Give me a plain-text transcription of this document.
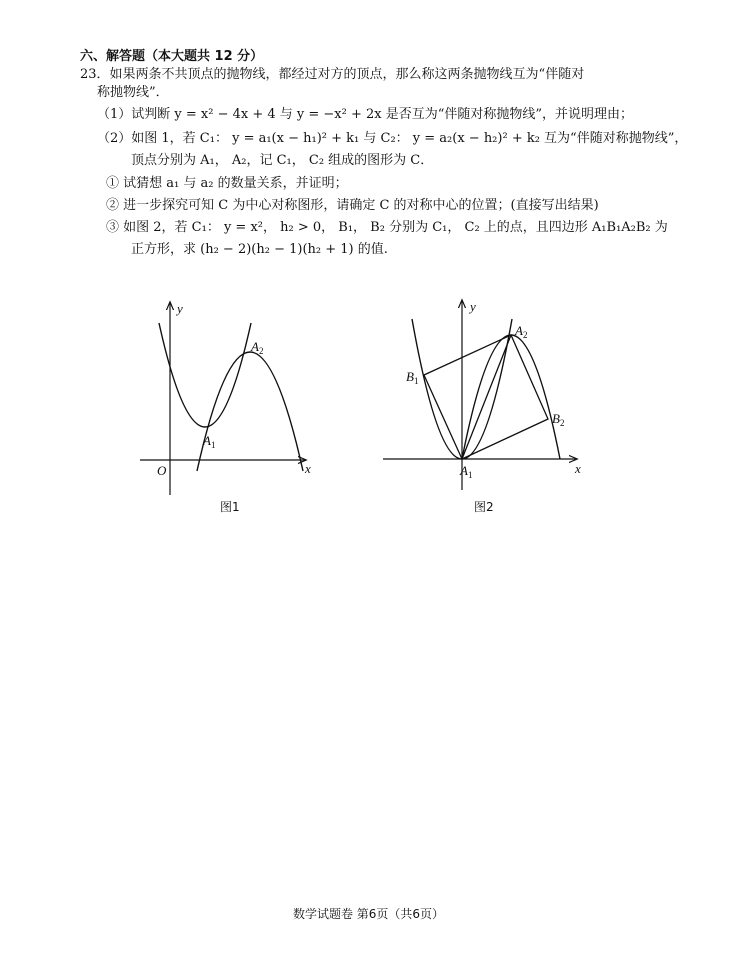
六、解答题（本大题共 12 分）
23．如果两条不共顶点的抛物线，都经过对方的顶点，那么称这两条抛物线互为“伴随对
称抛物线”．
（1）试判断 y = x² − 4x + 4 与 y = −x² + 2x 是否互为“伴随对称抛物线”，并说明理由；
（2）如图 1，若 C₁： y = a₁(x − h₁)² + k₁ 与 C₂： y = a₂(x − h₂)² + k₂ 互为“伴随对称抛物线”，
顶点分别为 A₁， A₂，记 C₁， C₂ 组成的图形为 C．
① 试猜想 a₁ 与 a₂ 的数量关系，并证明；
② 进一步探究可知 C 为中心对称图形，请确定 C 的对称中心的位置；(直接写出结果)
③ 如图 2，若 C₁： y = x²， h₂ > 0， B₁， B₂ 分别为 C₁， C₂ 上的点，且四边形 A₁B₁A₂B₂ 为
正方形，求 (h₂ − 2)(h₂ − 1)(h₂ + 1) 的值.
y
x
O
$A_1$
$A_2$
图1
y
x
$A_1$
$A_2$
$B_1$
$B_2$
图2
数学试题卷 第6页（共6页）
